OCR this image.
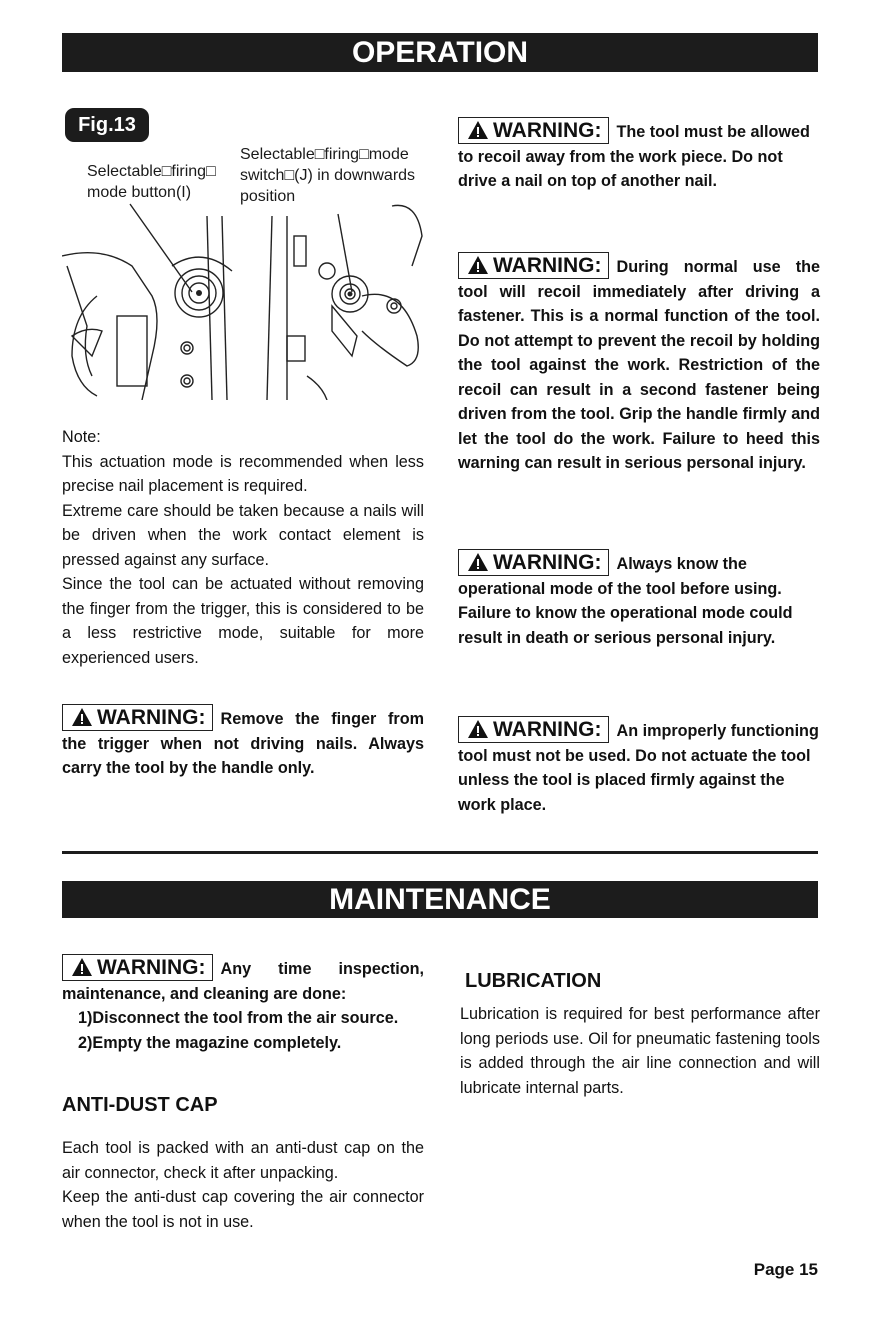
OPERATION
Fig.13
Selectable□firing□ mode button(I)
Selectable□firing□mode switch□(J) in downwards position
Note:
This actuation mode is recommended when less precise nail placement is required.
Extreme care should be taken because a nails will be driven when the work contact element is pressed against any surface.
Since the tool can be actuated without removing the finger from the trigger, this is considered to be a less restrictive mode, suitable for more experienced users.
WARNING: Remove the finger from the trigger when not driving nails. Always carry the tool by the handle only.
WARNING: The tool must be allowed to recoil away from the work piece. Do not drive a nail on top of another nail.
WARNING: During normal use the tool will recoil immediately after driving a fastener. This is a normal function of the tool. Do not attempt to prevent the recoil by holding the tool against the work. Restriction of the recoil can result in a second fastener being driven from the tool. Grip the handle firmly and let the tool do the work. Failure to heed this warning can result in serious personal injury.
WARNING: Always know the operational mode of the tool before using. Failure to know the operational mode could result in death or serious personal injury.
WARNING: An improperly functioning tool must not be used. Do not actuate the tool unless the tool is placed firmly against the work place.
MAINTENANCE
WARNING: Any time inspection, maintenance, and cleaning are done:
1)Disconnect the tool from the air source.
2)Empty the magazine completely.
ANTI-DUST CAP
Each tool is packed with an anti-dust cap on the air connector, check it after unpacking.
Keep the anti-dust cap covering the air connector when the tool is not in use.
LUBRICATION
Lubrication is required for best performance after long periods use. Oil for pneumatic fastening tools is added through the air line connection and will lubricate internal parts.
Page 15
